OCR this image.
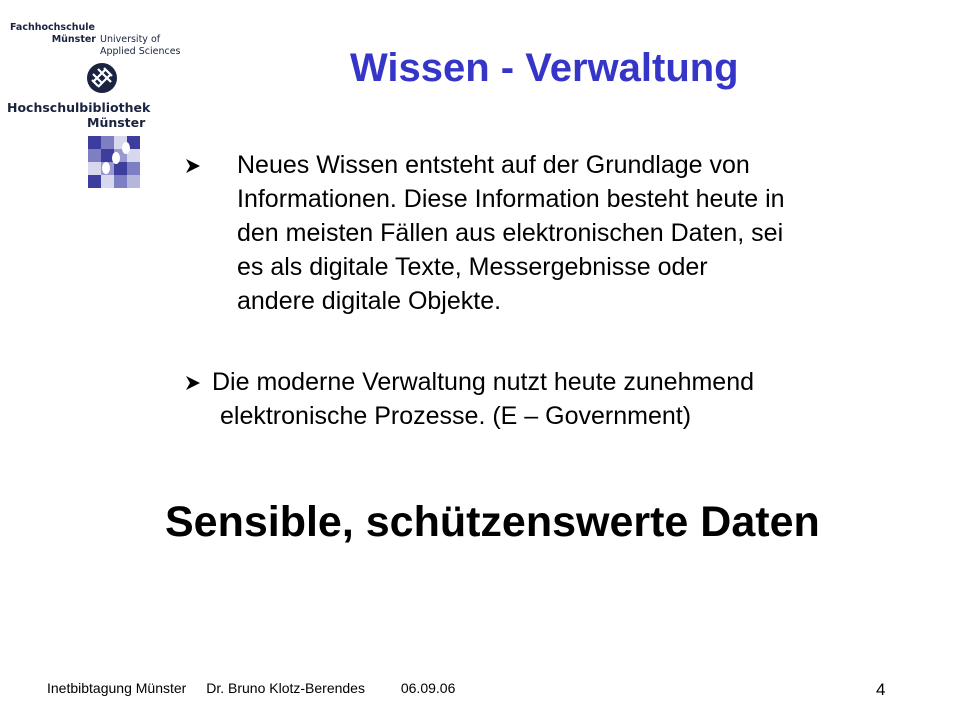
Fachhochschule
Münster University of
Applied Sciences
Hochschulbibliothek
Münster
Wissen - Verwaltung
Neues Wissen entsteht auf der Grundlage von
Informationen. Diese Information besteht heute in
den meisten Fällen aus elektronischen Daten, sei
es als digitale Texte, Messergebnisse oder
andere digitale Objekte.
Die moderne Verwaltung nutzt heute zunehmend
elektronische Prozesse. (E – Government)
Sensible, schützenswerte Daten
Inetbibtagung Münster Dr. Bruno Klotz-Berendes	06.09.06	4
